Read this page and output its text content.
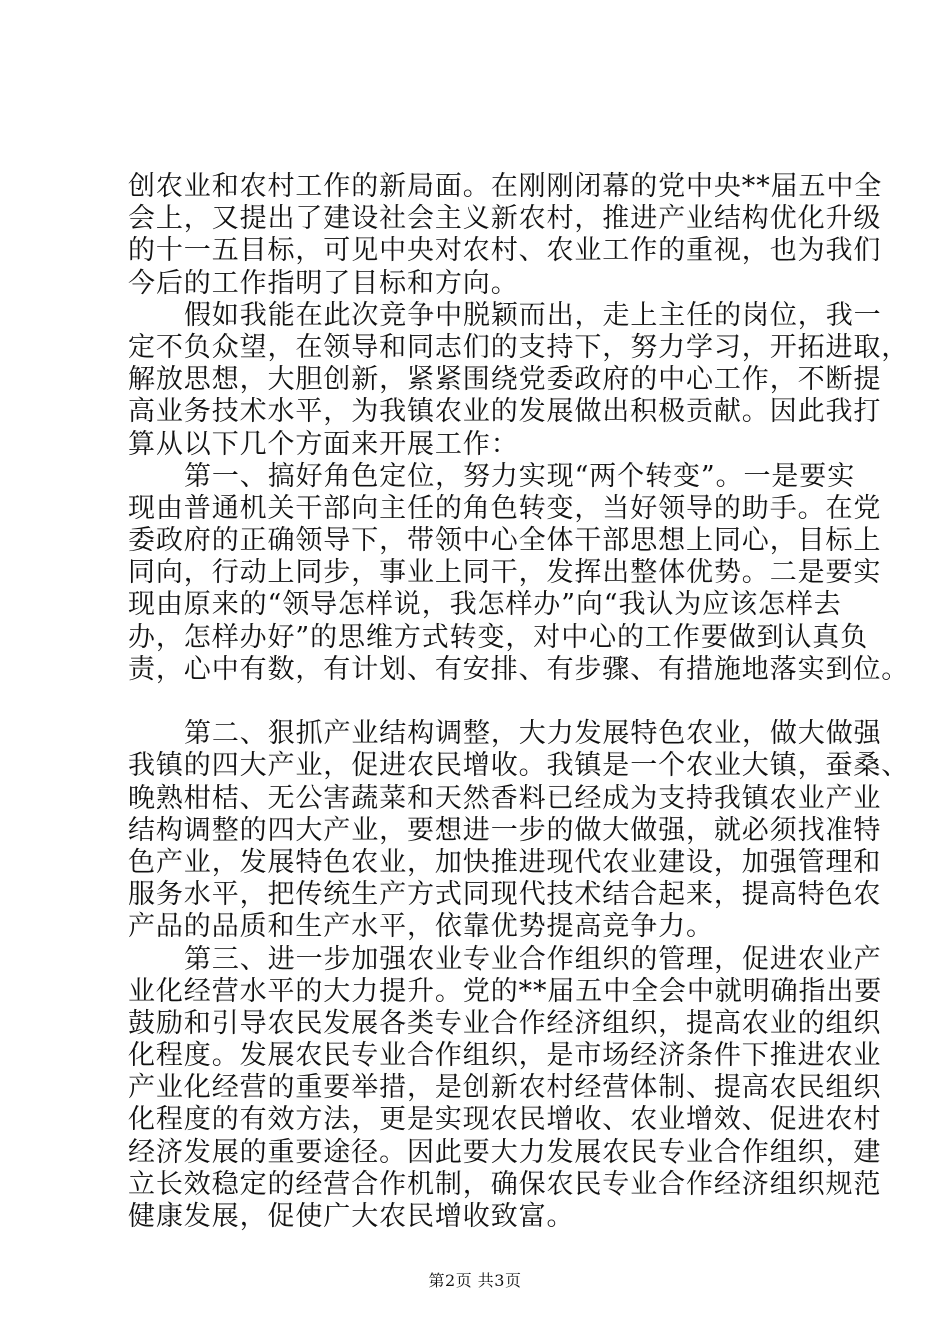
创农业和农村工作的新局面。在刚刚闭幕的党中央**届五中全
会上，又提出了建设社会主义新农村，推进产业结构优化升级
的十一五目标，可见中央对农村、农业工作的重视，也为我们
今后的工作指明了目标和方向。
假如我能在此次竞争中脱颖而出，走上主任的岗位，我一
定不负众望，在领导和同志们的支持下，努力学习，开拓进取，
解放思想，大胆创新，紧紧围绕党委政府的中心工作，不断提
高业务技术水平，为我镇农业的发展做出积极贡献。因此我打
算从以下几个方面来开展工作：
第一、搞好角色定位，努力实现“两个转变”。一是要实
现由普通机关干部向主任的角色转变，当好领导的助手。在党
委政府的正确领导下，带领中心全体干部思想上同心，目标上
同向，行动上同步，事业上同干，发挥出整体优势。二是要实
现由原来的“领导怎样说，我怎样办”向“我认为应该怎样去
办，怎样办好”的思维方式转变，对中心的工作要做到认真负
责，心中有数，有计划、有安排、有步骤、有措施地落实到位。
第二、狠抓产业结构调整，大力发展特色农业，做大做强
我镇的四大产业，促进农民增收。我镇是一个农业大镇，蚕桑、
晚熟柑桔、无公害蔬菜和天然香料已经成为支持我镇农业产业
结构调整的四大产业，要想进一步的做大做强，就必须找准特
色产业，发展特色农业，加快推进现代农业建设，加强管理和
服务水平，把传统生产方式同现代技术结合起来，提高特色农
产品的品质和生产水平，依靠优势提高竞争力。
第三、进一步加强农业专业合作组织的管理，促进农业产
业化经营水平的大力提升。党的**届五中全会中就明确指出要
鼓励和引导农民发展各类专业合作经济组织，提高农业的组织
化程度。发展农民专业合作组织，是市场经济条件下推进农业
产业化经营的重要举措，是创新农村经营体制、提高农民组织
化程度的有效方法，更是实现农民增收、农业增效、促进农村
经济发展的重要途径。因此要大力发展农民专业合作组织，建
立长效稳定的经营合作机制，确保农民专业合作经济组织规范
健康发展，促使广大农民增收致富。
第2页 共3页
